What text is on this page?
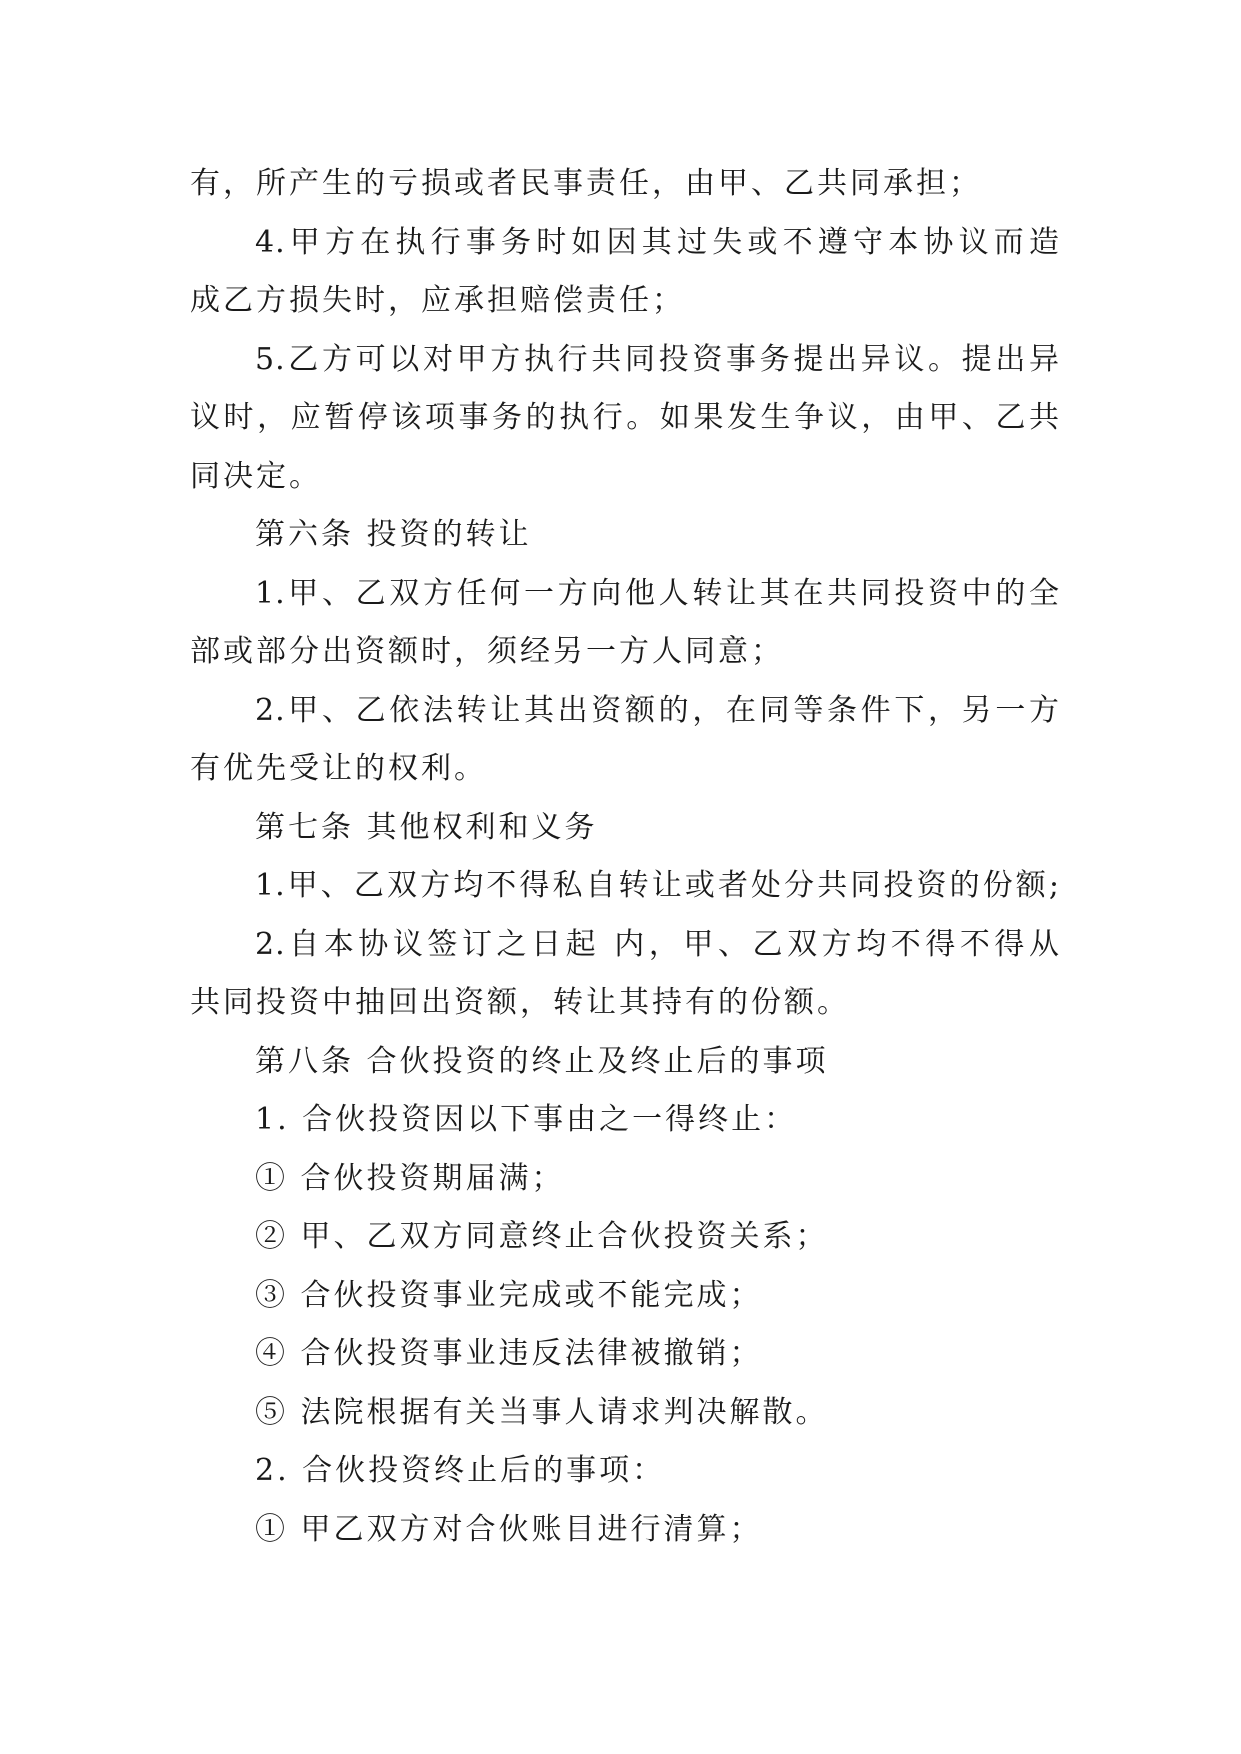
有，所产生的亏损或者民事责任，由甲、乙共同承担；
4.甲方在执行事务时如因其过失或不遵守本协议而造
成乙方损失时，应承担赔偿责任；
5.乙方可以对甲方执行共同投资事务提出异议。提出异
议时，应暂停该项事务的执行。如果发生争议，由甲、乙共
同决定。
第六条 投资的转让
1.甲、乙双方任何一方向他人转让其在共同投资中的全
部或部分出资额时，须经另一方人同意；
2.甲、乙依法转让其出资额的，在同等条件下，另一方
有优先受让的权利。
第七条 其他权利和义务
1.甲、乙双方均不得私自转让或者处分共同投资的份额;
2.自本协议签订之日起 内，甲、乙双方均不得不得从
共同投资中抽回出资额，转让其持有的份额。
第八条 合伙投资的终止及终止后的事项
1. 合伙投资因以下事由之一得终止：
① 合伙投资期届满；
② 甲、乙双方同意终止合伙投资关系；
③ 合伙投资事业完成或不能完成；
④ 合伙投资事业违反法律被撤销；
⑤ 法院根据有关当事人请求判决解散。
2. 合伙投资终止后的事项：
① 甲乙双方对合伙账目进行清算；
